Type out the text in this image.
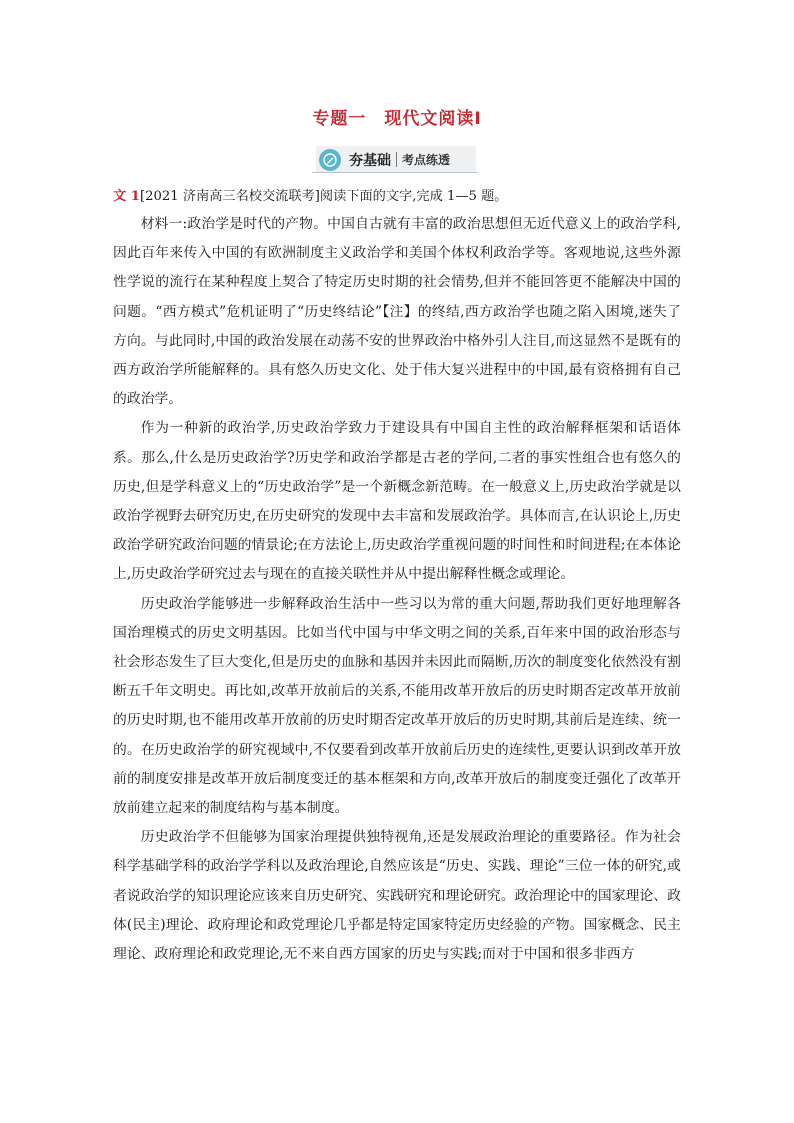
专题一　现代文阅读Ⅰ
夯基础 考点练透

文 1[2021 济南高三名校交流联考]阅读下面的文字,完成 1—5 题。

材料一:政治学是时代的产物。中国自古就有丰富的政治思想但无近代意义上的政治学科,因此百年来传入中国的有欧洲制度主义政治学和美国个体权利政治学等。客观地说,这些外源性学说的流行在某种程度上契合了特定历史时期的社会情势,但并不能回答更不能解决中国的问题。“西方模式”危机证明了“历史终结论”【注】的终结,西方政治学也随之陷入困境,迷失了方向。与此同时,中国的政治发展在动荡不安的世界政治中格外引人注目,而这显然不是既有的西方政治学所能解释的。具有悠久历史文化、处于伟大复兴进程中的中国,最有资格拥有自己的政治学。

作为一种新的政治学,历史政治学致力于建设具有中国自主性的政治解释框架和话语体系。那么,什么是历史政治学?历史学和政治学都是古老的学问,二者的事实性组合也有悠久的历史,但是学科意义上的“历史政治学”是一个新概念新范畴。在一般意义上,历史政治学就是以政治学视野去研究历史,在历史研究的发现中去丰富和发展政治学。具体而言,在认识论上,历史政治学研究政治问题的情景论;在方法论上,历史政治学重视问题的时间性和时间进程;在本体论上,历史政治学研究过去与现在的直接关联性并从中提出解释性概念或理论。

历史政治学能够进一步解释政治生活中一些习以为常的重大问题,帮助我们更好地理解各国治理模式的历史文明基因。比如当代中国与中华文明之间的关系,百年来中国的政治形态与社会形态发生了巨大变化,但是历史的血脉和基因并未因此而隔断,历次的制度变化依然没有割断五千年文明史。再比如,改革开放前后的关系,不能用改革开放后的历史时期否定改革开放前的历史时期,也不能用改革开放前的历史时期否定改革开放后的历史时期,其前后是连续、统一的。在历史政治学的研究视域中,不仅要看到改革开放前后历史的连续性,更要认识到改革开放前的制度安排是改革开放后制度变迁的基本框架和方向,改革开放后的制度变迁强化了改革开放前建立起来的制度结构与基本制度。

历史政治学不但能够为国家治理提供独特视角,还是发展政治理论的重要路径。作为社会科学基础学科的政治学学科以及政治理论,自然应该是“历史、实践、理论”三位一体的研究,或者说政治学的知识理论应该来自历史研究、实践研究和理论研究。政治理论中的国家理论、政体(民主)理论、政府理论和政党理论几乎都是特定国家特定历史经验的产物。国家概念、民主理论、政府理论和政党理论,无不来自西方国家的历史与实践;而对于中国和很多非西方
